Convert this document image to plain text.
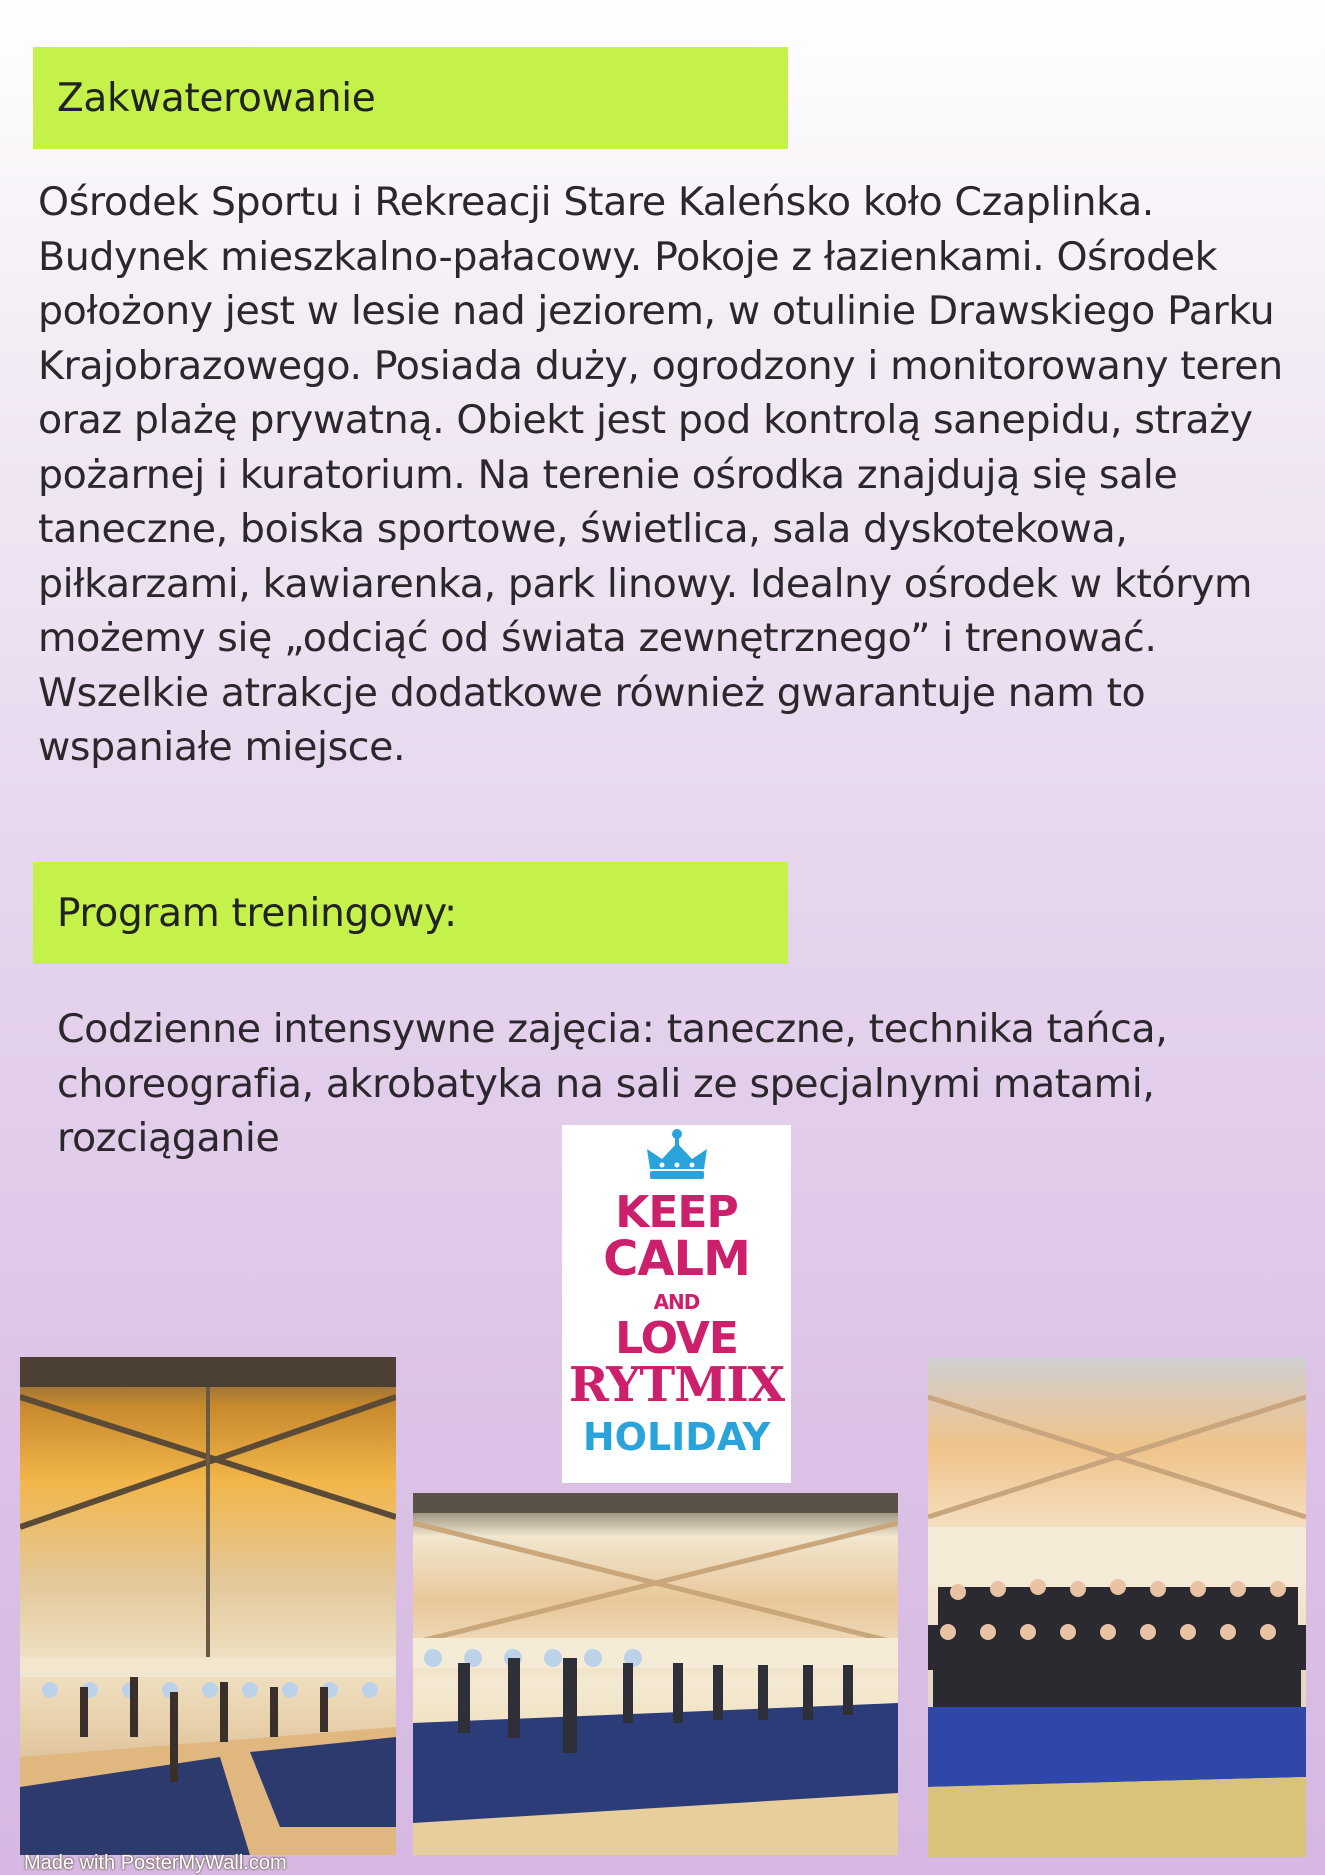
Zakwaterowanie

Ośrodek Sportu i Rekreacji Stare Kaleńsko koło Czaplinka. Budynek mieszkalno-pałacowy. Pokoje z łazienkami. Ośrodek położony jest w lesie nad jeziorem, w otulinie Drawskiego Parku Krajobrazowego. Posiada duży, ogrodzony i monitorowany teren oraz plażę prywatną. Obiekt jest pod kontrolą sanepidu, straży pożarnej i kuratorium. Na terenie ośrodka znajdują się sale taneczne, boiska sportowe, świetlica, sala dyskotekowa, piłkarzami, kawiarenka, park linowy. Idealny ośrodek w którym możemy się „odciąć od świata zewnętrznego” i trenować. Wszelkie atrakcje dodatkowe również gwarantuje nam to wspaniałe miejsce.

Program treningowy:

Codzienne intensywne zajęcia: taneczne, technika tańca, choreografia, akrobatyka na sali ze specjalnymi matami, rozciąganie

KEEP
CALM
AND
LOVE
RYTMIX
HOLIDAY
Made with PosterMyWall.com
